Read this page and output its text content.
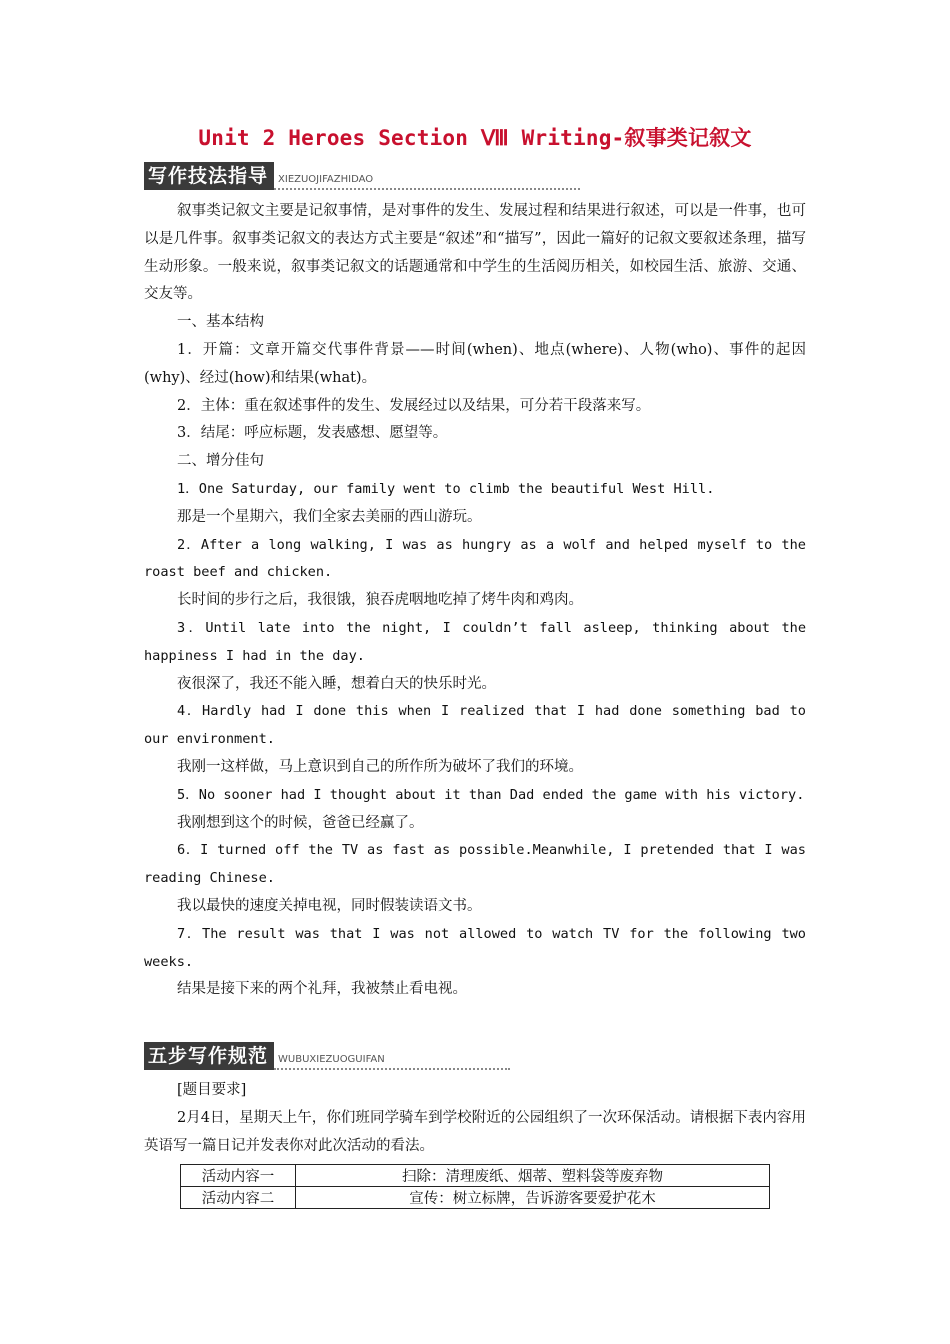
Unit 2 Heroes Section Ⅷ Writing-叙事类记叙文
写作技法指导	XIEZUOJIFAZHIDAO

叙事类记叙文主要是记叙事情，是对事件的发生、发展过程和结果进行叙述，可以是一件事，也可以是几件事。叙事类记叙文的表达方式主要是“叙述”和“描写”，因此一篇好的记叙文要叙述条理，描写生动形象。一般来说，叙事类记叙文的话题通常和中学生的生活阅历相关，如校园生活、旅游、交通、交友等。

一、基本结构

1．开篇：文章开篇交代事件背景——时间(when)、地点(where)、人物(who)、事件的起因(why)、经过(how)和结果(what)。

2．主体：重在叙述事件的发生、发展经过以及结果，可分若干段落来写。

3．结尾：呼应标题，发表感想、愿望等。

二、增分佳句

1．One Saturday, our family went to climb the beautiful West Hill.

那是一个星期六，我们全家去美丽的西山游玩。

2．After a long walking, I was as hungry as a wolf and helped myself to the roast beef and chicken.

长时间的步行之后，我很饿，狼吞虎咽地吃掉了烤牛肉和鸡肉。

3．Until late into the night, I couldn’t fall asleep, thinking about the happiness I had in the day.

夜很深了，我还不能入睡，想着白天的快乐时光。

4．Hardly had I done this when I realized that I had done something bad to our environment.

我刚一这样做，马上意识到自己的所作所为破坏了我们的环境。

5．No sooner had I thought about it than Dad ended the game with his victory.

我刚想到这个的时候，爸爸已经赢了。

6．I turned off the TV as fast as possible.Meanwhile, I pretended that I was reading Chinese.

我以最快的速度关掉电视，同时假装读语文书。

7．The result was that I was not allowed to watch TV for the following two weeks.

结果是接下来的两个礼拜，我被禁止看电视。

五步写作规范	WUBUXIEZUOGUIFAN

[题目要求]

2月4日，星期天上午，你们班同学骑车到学校附近的公园组织了一次环保活动。请根据下表内容用英语写一篇日记并发表你对此次活动的看法。

活动内容一	扫除：清理废纸、烟蒂、塑料袋等废弃物
活动内容二	宣传：树立标牌，告诉游客要爱护花木
